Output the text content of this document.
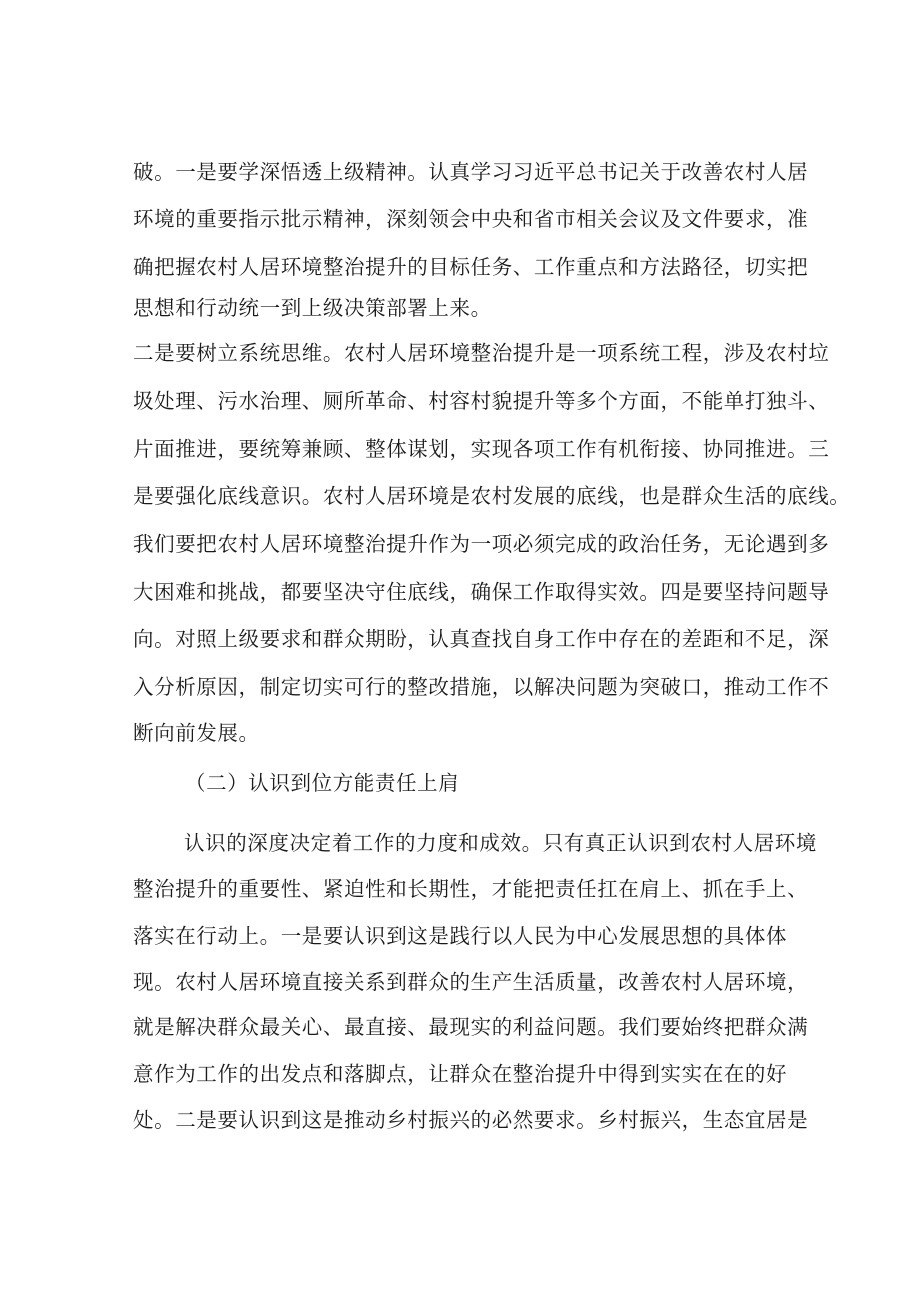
破。一是要学深悟透上级精神。认真学习习近平总书记关于改善农村人居
环境的重要指示批示精神，深刻领会中央和省市相关会议及文件要求，准
确把握农村人居环境整治提升的目标任务、工作重点和方法路径，切实把
思想和行动统一到上级决策部署上来。
二是要树立系统思维。农村人居环境整治提升是一项系统工程，涉及农村垃
圾处理、污水治理、厕所革命、村容村貌提升等多个方面，不能单打独斗、
片面推进，要统筹兼顾、整体谋划，实现各项工作有机衔接、协同推进。三
是要强化底线意识。农村人居环境是农村发展的底线，也是群众生活的底线。
我们要把农村人居环境整治提升作为一项必须完成的政治任务，无论遇到多
大困难和挑战，都要坚决守住底线，确保工作取得实效。四是要坚持问题导
向。对照上级要求和群众期盼，认真查找自身工作中存在的差距和不足，深
入分析原因，制定切实可行的整改措施，以解决问题为突破口，推动工作不
断向前发展。
（二）认识到位方能责任上肩
认识的深度决定着工作的力度和成效。只有真正认识到农村人居环境
整治提升的重要性、紧迫性和长期性，才能把责任扛在肩上、抓在手上、
落实在行动上。一是要认识到这是践行以人民为中心发展思想的具体体
现。农村人居环境直接关系到群众的生产生活质量，改善农村人居环境，
就是解决群众最关心、最直接、最现实的利益问题。我们要始终把群众满
意作为工作的出发点和落脚点，让群众在整治提升中得到实实在在的好
处。二是要认识到这是推动乡村振兴的必然要求。乡村振兴，生态宜居是
